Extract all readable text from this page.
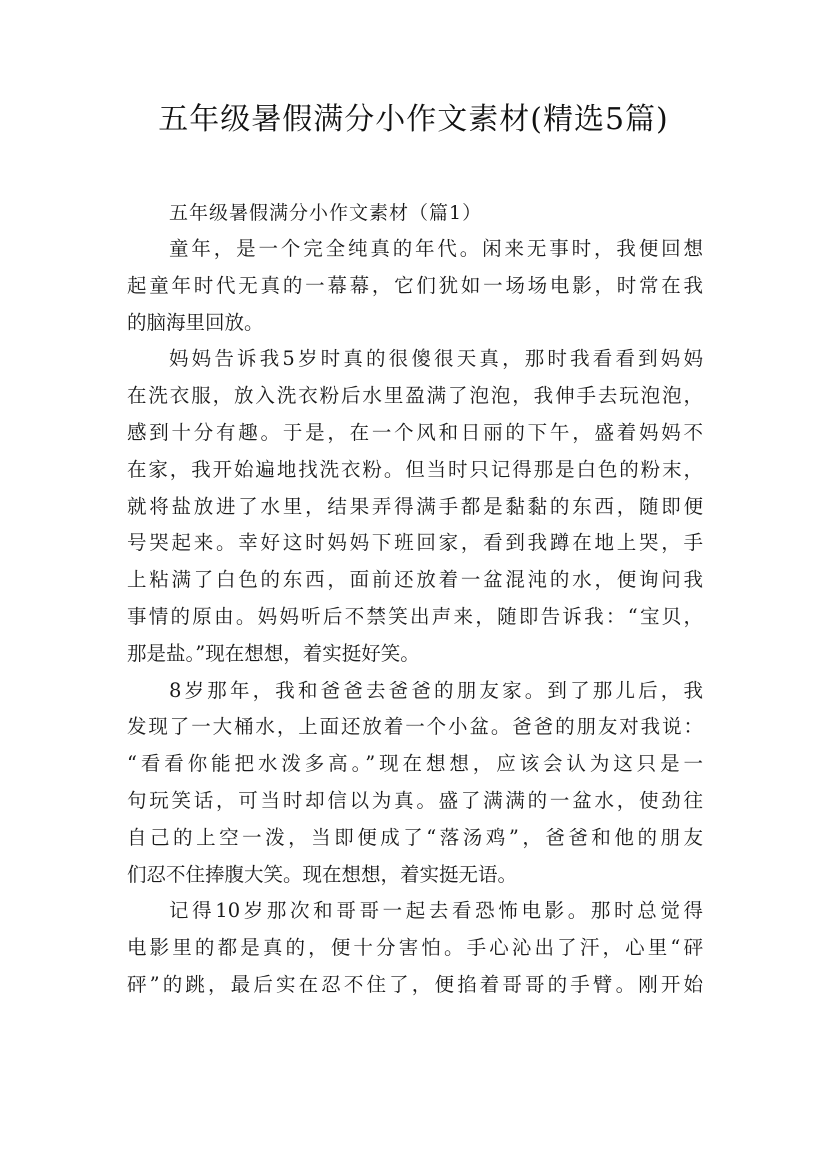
五年级暑假满分小作文素材(精选5篇)

五年级暑假满分小作文素材（篇1）

童年，是一个完全纯真的年代。闲来无事时，我便回想
起童年时代无真的一幕幕，它们犹如一场场电影，时常在我
的脑海里回放。
妈妈告诉我5岁时真的很傻很天真，那时我看看到妈妈
在洗衣服，放入洗衣粉后水里盈满了泡泡，我伸手去玩泡泡，
感到十分有趣。于是，在一个风和日丽的下午，盛着妈妈不
在家，我开始遍地找洗衣粉。但当时只记得那是白色的粉末，
就将盐放进了水里，结果弄得满手都是黏黏的东西，随即便
号哭起来。幸好这时妈妈下班回家，看到我蹲在地上哭，手
上粘满了白色的东西，面前还放着一盆混沌的水，便询问我
事情的原由。妈妈听后不禁笑出声来，随即告诉我：“宝贝，
那是盐。”现在想想，着实挺好笑。
8岁那年，我和爸爸去爸爸的朋友家。到了那儿后，我
发现了一大桶水，上面还放着一个小盆。爸爸的朋友对我说：
“看看你能把水泼多高。”现在想想，应该会认为这只是一
句玩笑话，可当时却信以为真。盛了满满的一盆水，使劲往
自己的上空一泼，当即便成了“落汤鸡”，爸爸和他的朋友
们忍不住捧腹大笑。现在想想，着实挺无语。
记得10岁那次和哥哥一起去看恐怖电影。那时总觉得
电影里的都是真的，便十分害怕。手心沁出了汗，心里“砰
砰”的跳，最后实在忍不住了，便掐着哥哥的手臂。刚开始
